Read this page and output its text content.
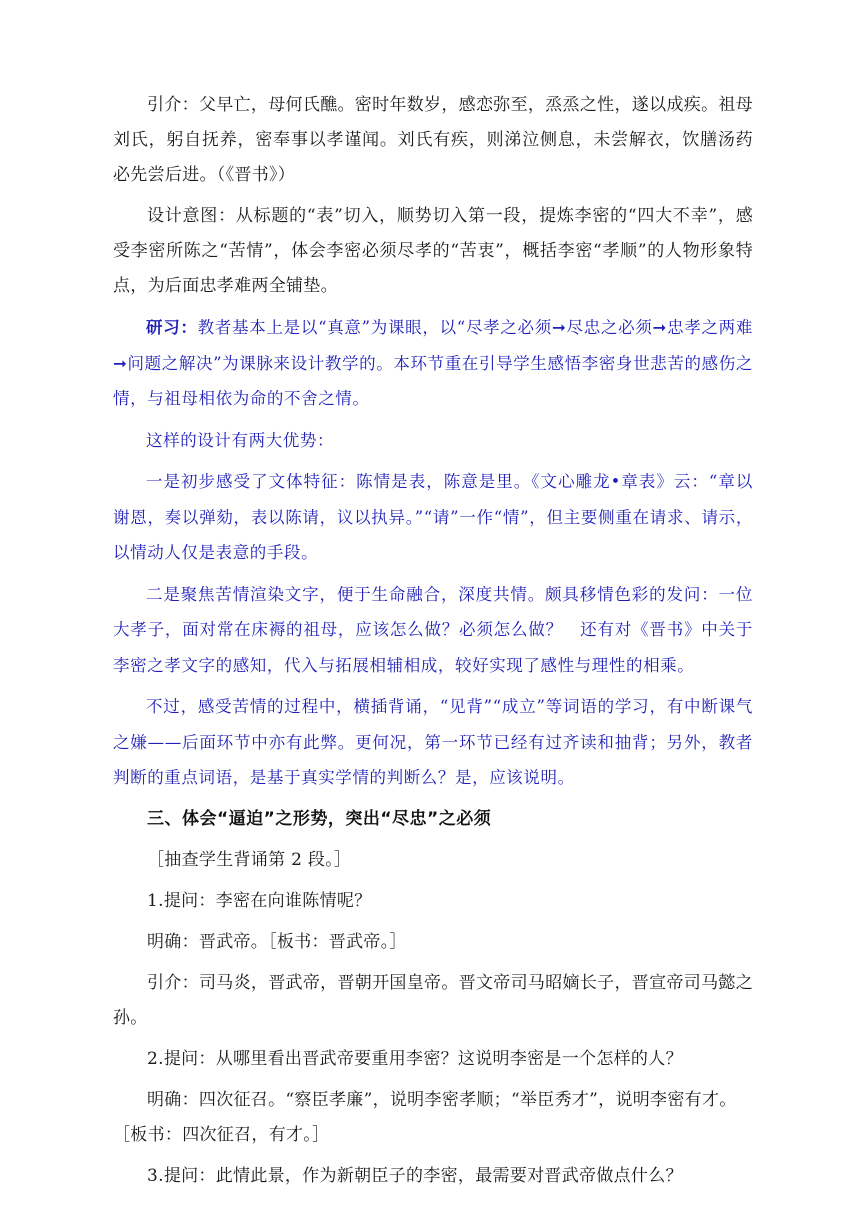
引介：父早亡，母何氏醮。密时年数岁，感恋弥至，烝烝之性，遂以成疾。祖母刘氏，躬自抚养，密奉事以孝谨闻。刘氏有疾，则涕泣侧息，未尝解衣，饮膳汤药必先尝后进。（《晋书》）

设计意图：从标题的“表”切入，顺势切入第一段，提炼李密的“四大不幸”，感受李密所陈之“苦情”，体会李密必须尽孝的“苦衷”，概括李密“孝顺”的人物形象特点，为后面忠孝难两全铺垫。

研习：教者基本上是以“真意”为课眼，以“尽孝之必须➞尽忠之必须➞忠孝之两难➞问题之解决”为课脉来设计教学的。本环节重在引导学生感悟李密身世悲苦的感伤之情，与祖母相依为命的不舍之情。

这样的设计有两大优势：

一是初步感受了文体特征：陈情是表，陈意是里。《文心雕龙•章表》云：“章以谢恩，奏以弹劾，表以陈请，议以执异。”“请”一作“情”，但主要侧重在请求、请示，以情动人仅是表意的手段。

二是聚焦苦情渲染文字，便于生命融合，深度共情。颇具移情色彩的发问：一位大孝子，面对常在床褥的祖母，应该怎么做？必须怎么做？　还有对《晋书》中关于李密之孝文字的感知，代入与拓展相辅相成，较好实现了感性与理性的相乘。

不过，感受苦情的过程中，横插背诵，“见背”“成立”等词语的学习，有中断课气之嫌——后面环节中亦有此弊。更何况，第一环节已经有过齐读和抽背；另外，教者判断的重点词语，是基于真实学情的判断么？是，应该说明。

三、体会“逼迫”之形势，突出“尽忠”之必须

［抽查学生背诵第 2 段。］

1.提问：李密在向谁陈情呢？

明确：晋武帝。［板书：晋武帝。］

引介：司马炎，晋武帝，晋朝开国皇帝。晋文帝司马昭嫡长子，晋宣帝司马懿之孙。

2.提问：从哪里看出晋武帝要重用李密？这说明李密是一个怎样的人？

明确：四次征召。“察臣孝廉”，说明李密孝顺；“举臣秀才”，说明李密有才。

［板书：四次征召，有才。］

3.提问：此情此景，作为新朝臣子的李密，最需要对晋武帝做点什么？
